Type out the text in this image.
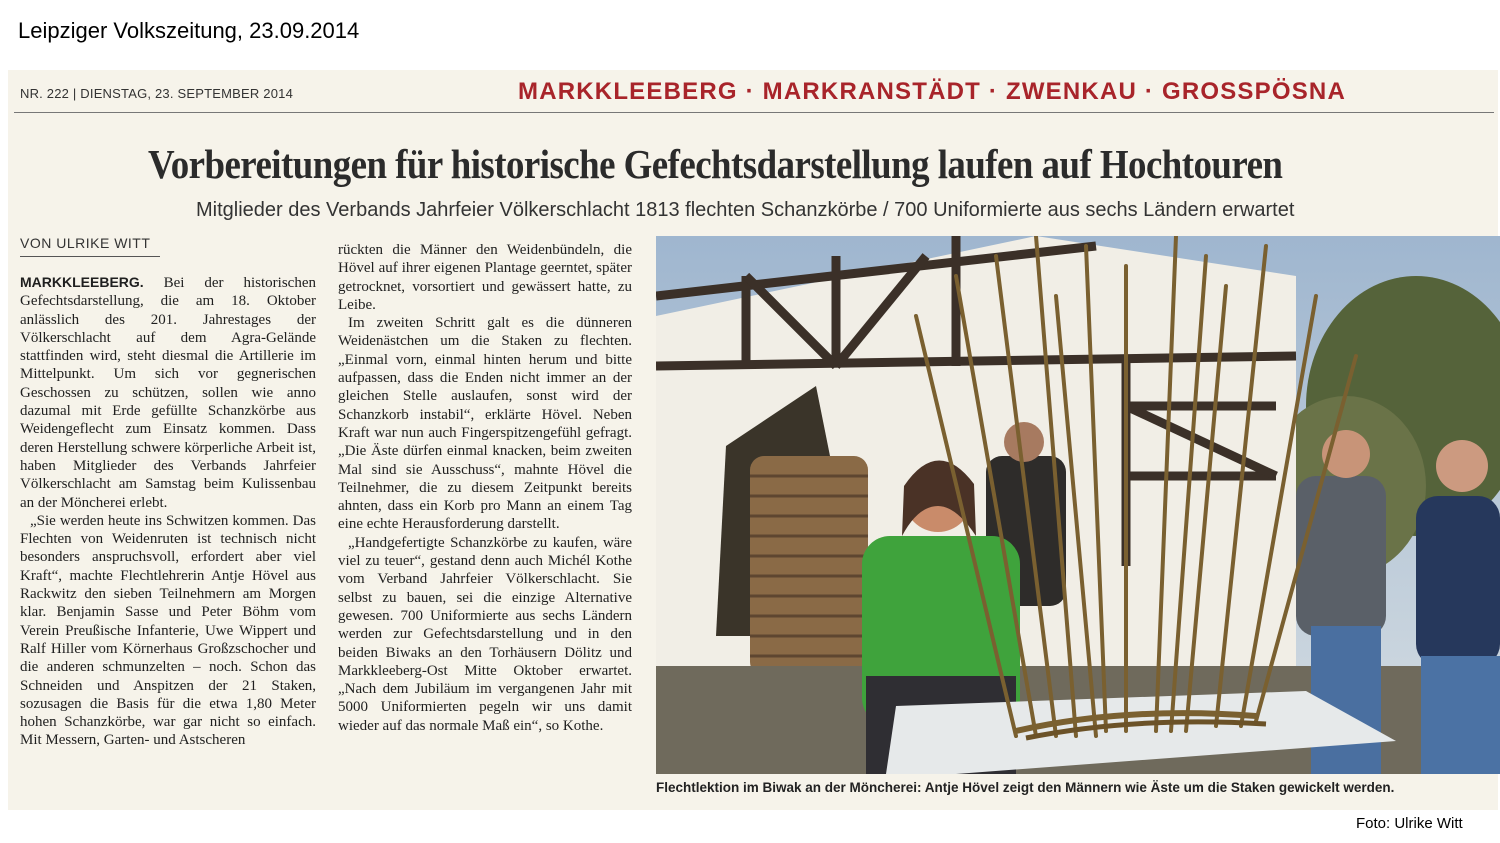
Leipziger Volkszeitung, 23.09.2014
NR. 222 | DIENSTAG, 23. SEPTEMBER 2014	MARKKLEEBERG · MARKRANSTÄDT · ZWENKAU · GROSSPÖSNA
Vorbereitungen für historische Gefechtsdarstellung laufen auf Hochtouren
Mitglieder des Verbands Jahrfeier Völkerschlacht 1813 flechten Schanzkörbe / 700 Uniformierte aus sechs Ländern erwartet
VON ULRIKE WITT

MARKKLEEBERG. Bei der historischen Gefechtsdarstellung, die am 18. Oktober anlässlich des 201. Jahrestages der Völkerschlacht auf dem Agra-Gelände stattfinden wird, steht diesmal die Artillerie im Mittelpunkt. Um sich vor gegnerischen Geschossen zu schützen, sollen wie anno dazumal mit Erde gefüllte Schanzkörbe aus Weidengeflecht zum Einsatz kommen. Dass deren Herstellung schwere körperliche Arbeit ist, haben Mitglieder des Verbands Jahrfeier Völkerschlacht am Samstag beim Kulissenbau an der Möncherei erlebt.

„Sie werden heute ins Schwitzen kommen. Das Flechten von Weidenruten ist technisch nicht besonders anspruchsvoll, erfordert aber viel Kraft“, machte Flechtlehrerin Antje Hövel aus Rackwitz den sieben Teilnehmern am Morgen klar. Benjamin Sasse und Peter Böhm vom Verein Preußische Infanterie, Uwe Wippert und Ralf Hiller vom Körnerhaus Großzschocher und die anderen schmunzelten – noch. Schon das Schneiden und Anspitzen der 21 Staken, sozusagen die Basis für die etwa 1,80 Meter hohen Schanzkörbe, war gar nicht so einfach. Mit Messern, Garten- und Astscheren

rückten die Männer den Weidenbündeln, die Hövel auf ihrer eigenen Plantage geerntet, später getrocknet, vorsortiert und gewässert hatte, zu Leibe.

Im zweiten Schritt galt es die dünneren Weidenästchen um die Staken zu flechten. „Einmal vorn, einmal hinten herum und bitte aufpassen, dass die Enden nicht immer an der gleichen Stelle auslaufen, sonst wird der Schanzkorb instabil“, erklärte Hövel. Neben Kraft war nun auch Fingerspitzengefühl gefragt. „Die Äste dürfen einmal knacken, beim zweiten Mal sind sie Ausschuss“, mahnte Hövel die Teilnehmer, die zu diesem Zeitpunkt bereits ahnten, dass ein Korb pro Mann an einem Tag eine echte Herausforderung darstellt.

„Handgefertigte Schanzkörbe zu kaufen, wäre viel zu teuer“, gestand denn auch Michél Kothe vom Verband Jahrfeier Völkerschlacht. Sie selbst zu bauen, sei die einzige Alternative gewesen. 700 Uniformierte aus sechs Ländern werden zur Gefechtsdarstellung und in den beiden Biwaks an den Torhäusern Dölitz und Markkleeberg-Ost Mitte Oktober erwartet. „Nach dem Jubiläum im vergangenen Jahr mit 5000 Uniformierten pegeln wir uns damit wieder auf das normale Maß ein“, so Kothe.

Flechtlektion im Biwak an der Möncherei: Antje Hövel zeigt den Männern wie Äste um die Staken gewickelt werden.
Foto: Ulrike Witt
